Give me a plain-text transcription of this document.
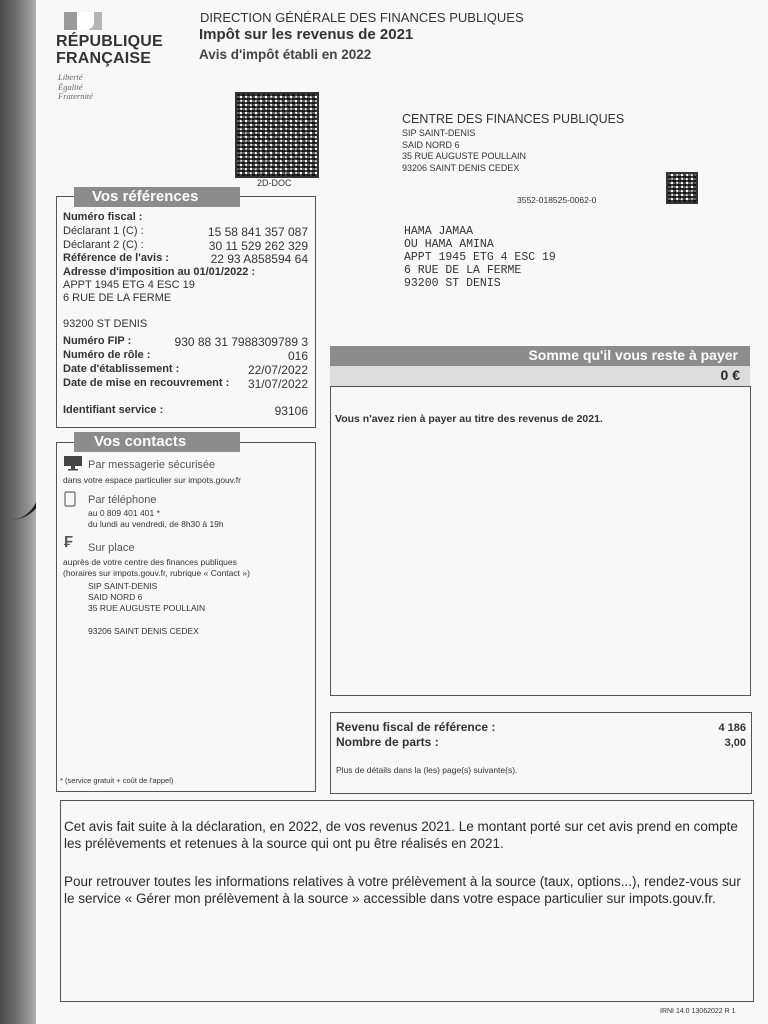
RÉPUBLIQUE
FRANÇAISE
Liberté
Égalité
Fraternité
DIRECTION GÉNÉRALE DES FINANCES PUBLIQUES
Impôt sur les revenus de 2021
Avis d'impôt établi en 2022
2D-DOC
CENTRE DES FINANCES PUBLIQUES
SIP SAINT-DENIS
SAID NORD 6
35 RUE AUGUSTE POULLAIN
93206 SAINT DENIS CEDEX
3552-018525-0062-0
HAMA JAMAA
OU HAMA AMINA
APPT 1945 ETG 4 ESC 19
6 RUE DE LA FERME
93200 ST DENIS
Vos références
Numéro fiscal :
Déclarant 1 (C) :	15 58 841 357 087
Déclarant 2 (C) :	30 11 529 262 329
Référence de l'avis :	22 93 A858594 64
Adresse d'imposition au 01/01/2022 :
APPT 1945 ETG 4 ESC 19
6 RUE DE LA FERME
93200 ST DENIS
Numéro FIP :	930 88 31 7988309789 3
Numéro de rôle :	016
Date d'établissement :	22/07/2022
Date de mise en recouvrement :	31/07/2022
Identifiant service :	93106
Vos contacts
Par messagerie sécurisée
dans votre espace particulier sur impots.gouv.fr
Par téléphone
au 0 809 401 401 *
du lundi au vendredi, de 8h30 à 19h
₣ Sur place
auprès de votre centre des finances publiques
(horaires sur impots.gouv.fr, rubrique « Contact »)
SIP SAINT-DENIS
SAID NORD 6
35 RUE AUGUSTE POULLAIN
93206 SAINT DENIS CEDEX
* (service gratuit + coût de l'appel)
Somme qu'il vous reste à payer
0 €
Vous n'avez rien à payer au titre des revenus de 2021.
Revenu fiscal de référence :	4 186
Nombre de parts :	3,00
Plus de détails dans la (les) page(s) suivante(s).
Cet avis fait suite à la déclaration, en 2022, de vos revenus 2021. Le montant porté sur cet avis prend en compte les prélèvements et retenues à la source qui ont pu être réalisés en 2021.
Pour retrouver toutes les informations relatives à votre prélèvement à la source (taux, options...), rendez-vous sur le service « Gérer mon prélèvement à la source » accessible dans votre espace particulier sur impots.gouv.fr.
IRNI 14.0 13062022 R 1
